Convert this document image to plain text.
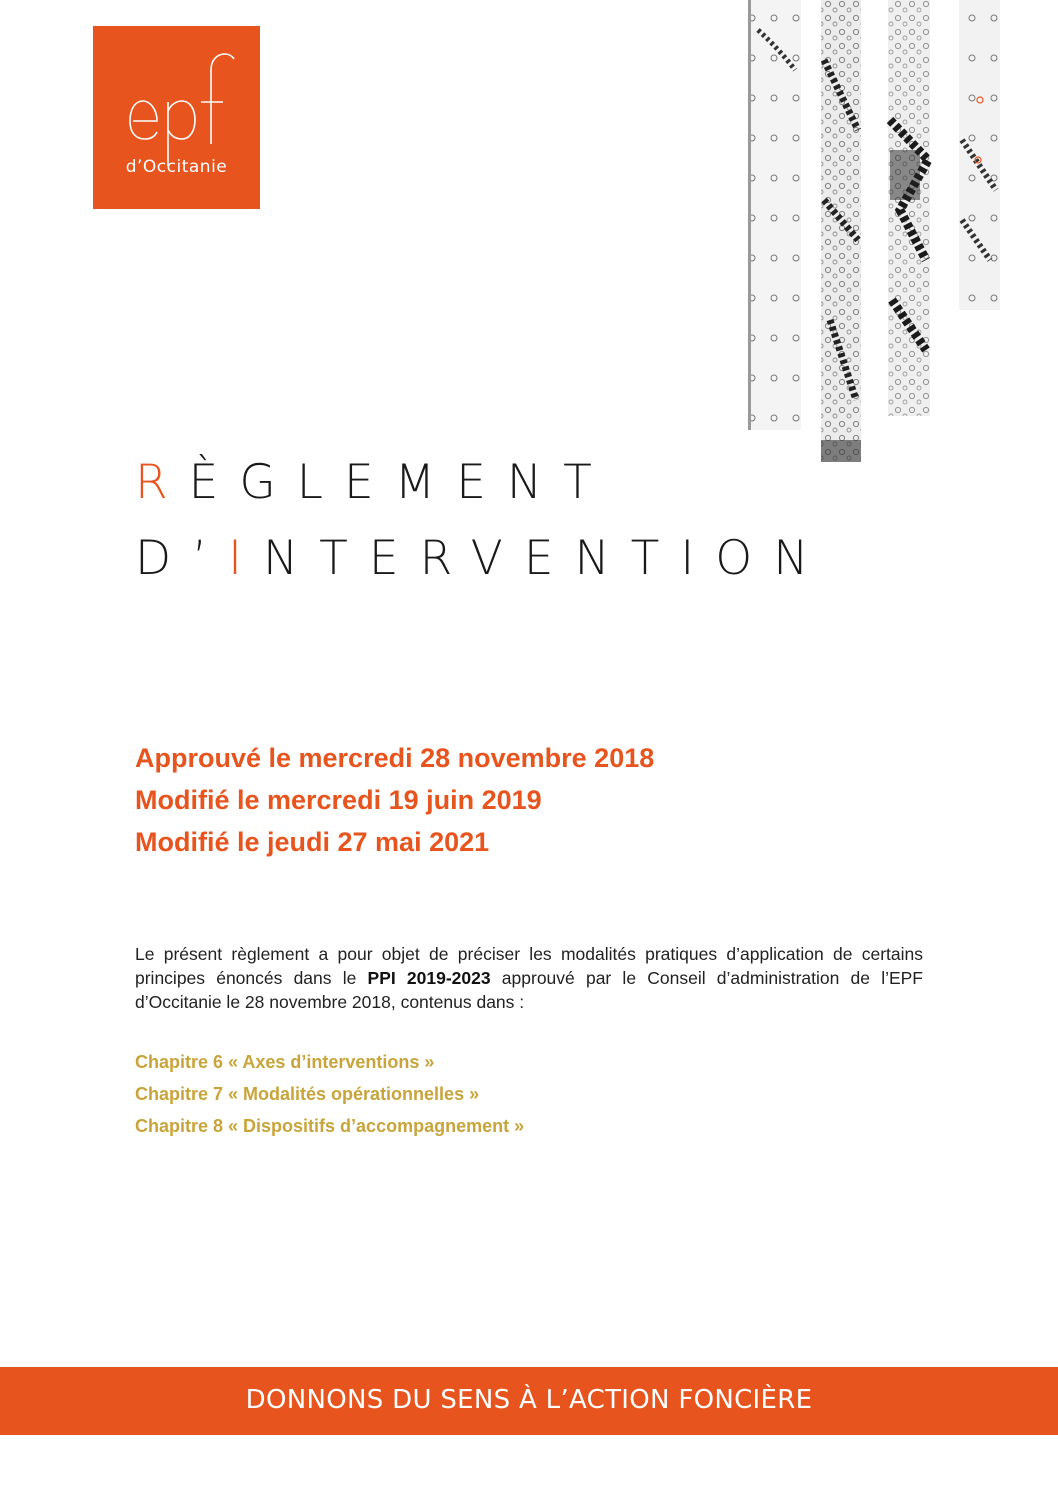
d’Occitanie
RÈGLEMENT
D’INTERVENTION
Approuvé le mercredi 28 novembre 2018
Modifié le mercredi 19 juin 2019
Modifié le jeudi 27 mai 2021
Le présent règlement a pour objet de préciser les modalités pratiques d’application de certains principes énoncés dans le PPI 2019-2023 approuvé par le Conseil d’administration de l’EPF d’Occitanie le 28 novembre 2018, contenus dans :
Chapitre 6 « Axes d’interventions »
Chapitre 7 « Modalités opérationnelles »
Chapitre 8 « Dispositifs d’accompagnement »
DONNONS DU SENS À L’ACTION FONCIÈRE
